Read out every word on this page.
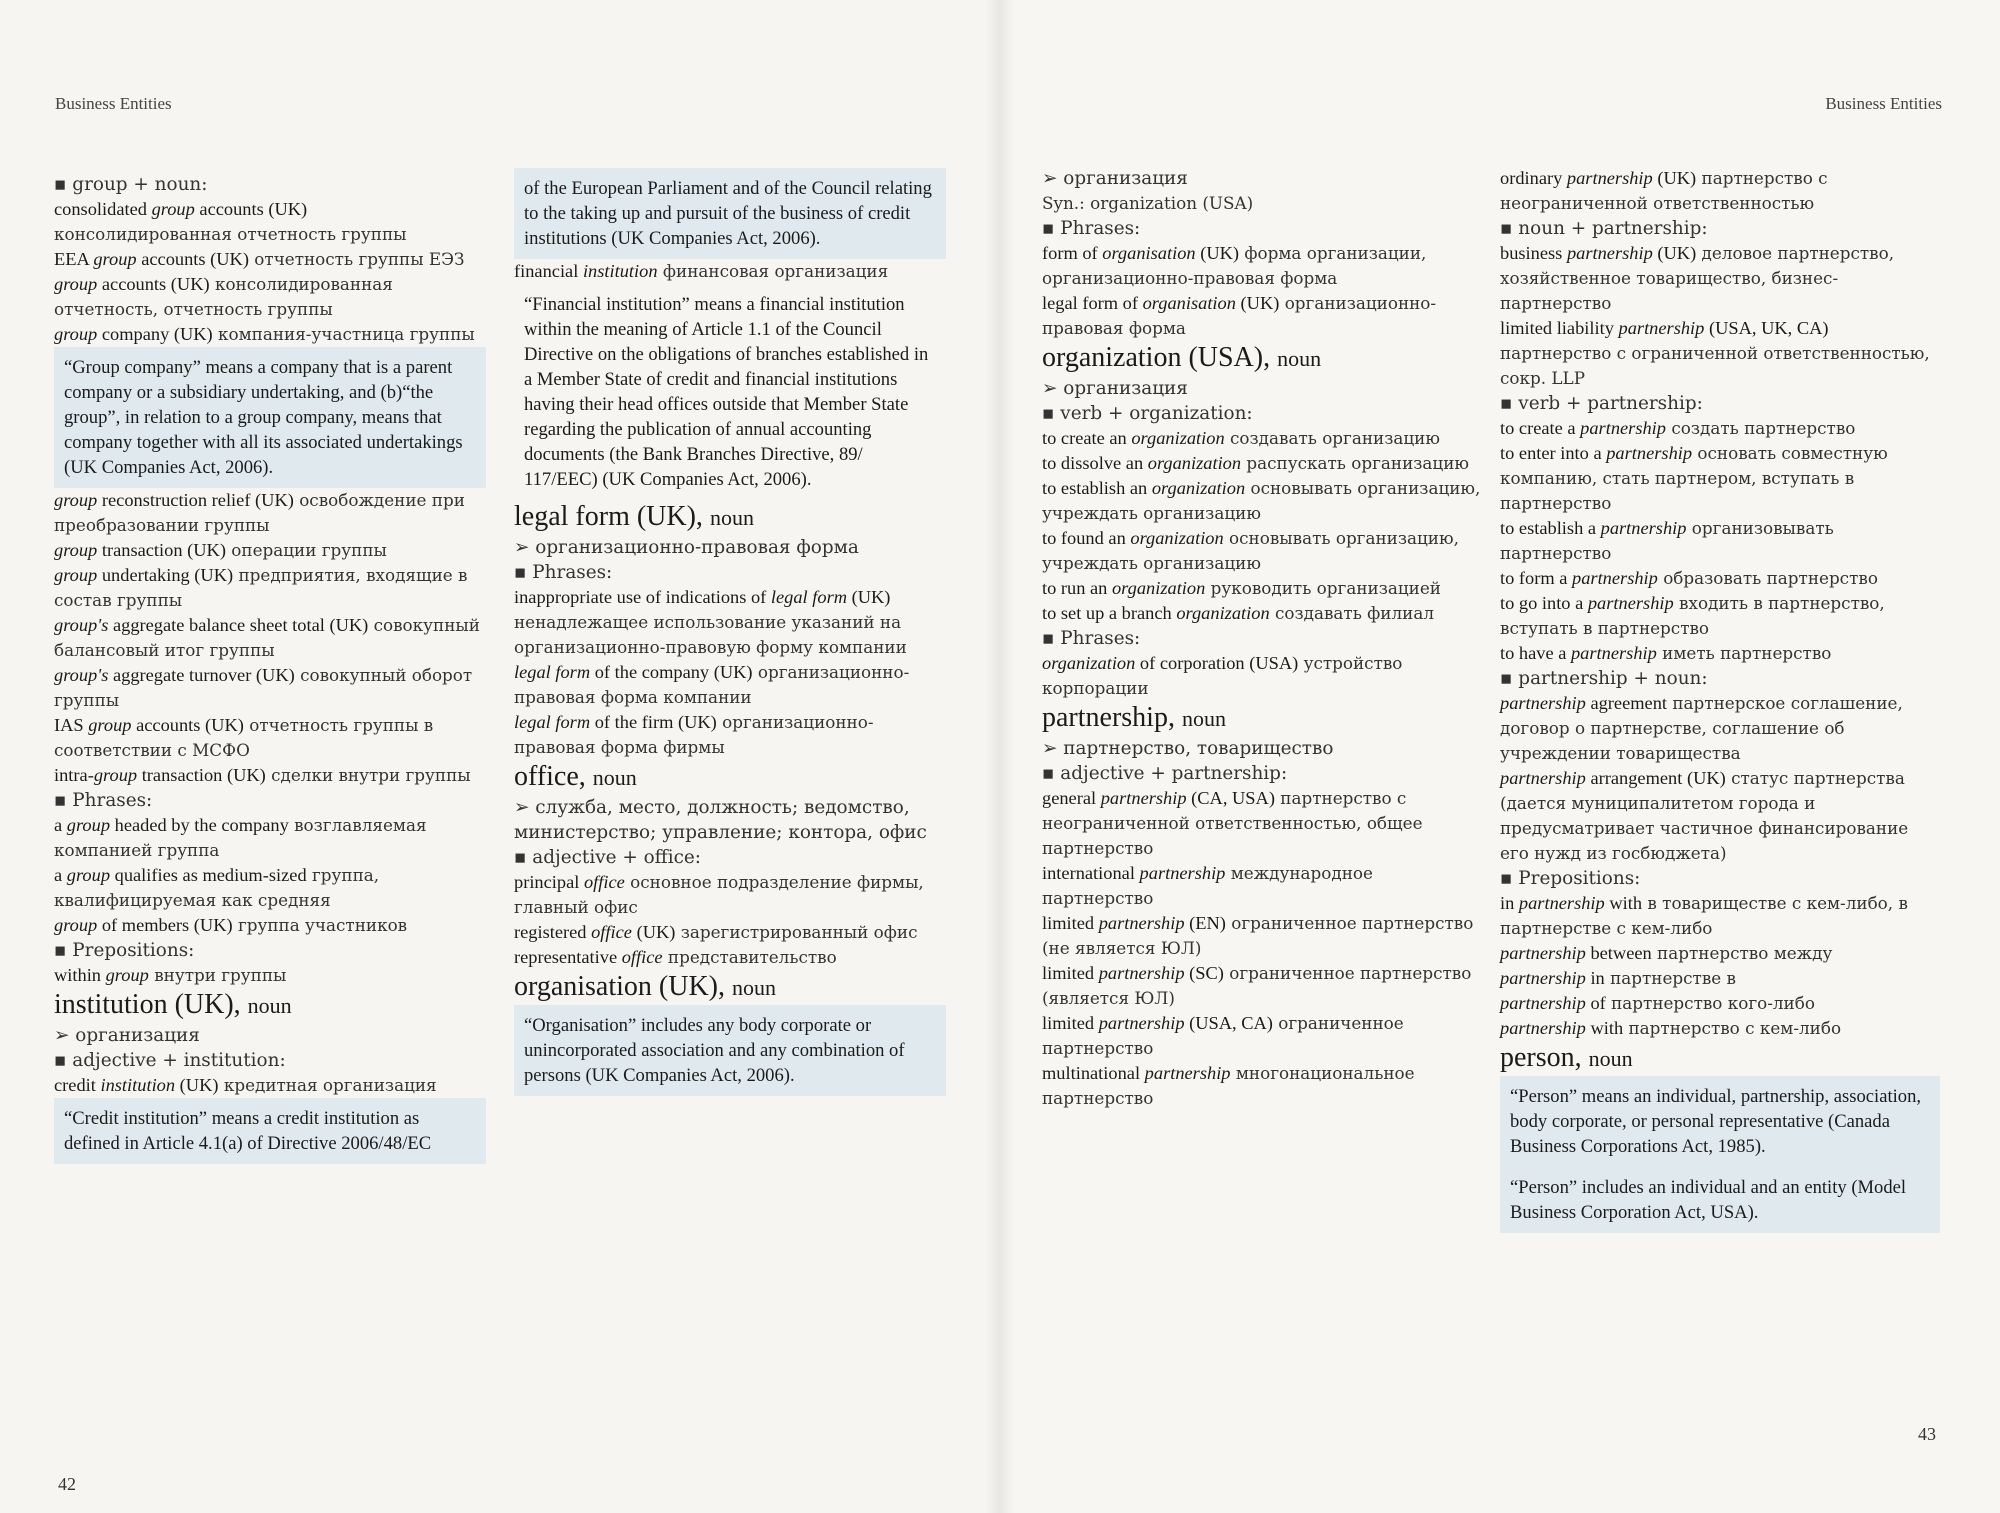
Business Entities
42
▪ group + noun:
consolidated group accounts (UK) консолидированная отчетность группы
EEA group accounts (UK) отчетность группы ЕЭЗ
group accounts (UK) консолидированная отчетность, отчетность группы
group company (UK) компания-участница группы
“Group company” means a company that is a parent company or a subsidiary undertaking, and (b)“the group”, in relation to a group company, means that company together with all its associated undertakings (UK Companies Act, 2006).
group reconstruction relief (UK) освобождение при преобразовании группы
group transaction (UK) операции группы
group undertaking (UK) предприятия, входящие в состав группы
group's aggregate balance sheet total (UK) совокупный балансовый итог группы
group's aggregate turnover (UK) совокупный оборот группы
IAS group accounts (UK) отчетность группы в соответствии с МСФО
intra-group transaction (UK) сделки внутри группы
▪ Phrases:
a group headed by the company возглавляемая компанией группа
a group qualifies as medium-sized группа, квалифицируемая как средняя
group of members (UK) группа участников
▪ Prepositions:
within group внутри группы
institution (UK), noun
➢ организация
▪ adjective + institution:
credit institution (UK) кредитная организация
“Credit institution” means a credit institution as defined in Article 4.1(a) of Directive 2006/48/EC
of the European Parliament and of the Council relating to the taking up and pursuit of the business of credit institutions (UK Companies Act, 2006).
financial institution финансовая организация
“Financial institution” means a financial institution within the meaning of Article 1.1 of the Council Directive on the obligations of branches established in a Member State of credit and financial institutions having their head offices outside that Member State regarding the publication of annual accounting documents (the Bank Branches Directive, 89/ 117/EEC) (UK Companies Act, 2006).
legal form (UK), noun
➢ организационно-правовая форма
▪ Phrases:
inappropriate use of indications of legal form (UK) ненадлежащее использование указаний на организационно-правовую форму компании
legal form of the company (UK) организационно-правовая форма компании
legal form of the firm (UK) организационно-правовая форма фирмы
office, noun
➢ служба, место, должность; ведомство, министерство; управление; контора, офис
▪ adjective + office:
principal office основное подразделение фирмы, главный офис
registered office (UK) зарегистрированный офис
representative office представительство
organisation (UK), noun
“Organisation” includes any body corporate or unincorporated association and any combination of persons (UK Companies Act, 2006).
Business Entities
43
➢ организация
Syn.: organization (USA)
▪ Phrases:
form of organisation (UK) форма организации, организационно-правовая форма
legal form of organisation (UK) организационно-правовая форма
organization (USA), noun
➢ организация
▪ verb + organization:
to create an organization создавать организацию
to dissolve an organization распускать организацию
to establish an organization основывать организацию, учреждать организацию
to found an organization основывать организацию, учреждать организацию
to run an organization руководить организацией
to set up a branch organization создавать филиал
▪ Phrases:
organization of corporation (USA) устройство корпорации
partnership, noun
➢ партнерство, товарищество
▪ adjective + partnership:
general partnership (CA, USA) партнерство с неограниченной ответственностью, общее партнерство
international partnership международное партнерство
limited partnership (EN) ограниченное партнерство (не является ЮЛ)
limited partnership (SC) ограниченное партнерство (является ЮЛ)
limited partnership (USA, CA) ограниченное партнерство
multinational partnership многонациональное партнерство
ordinary partnership (UK) партнерство с неограниченной ответственностью
▪ noun + partnership:
business partnership (UK) деловое партнерство, хозяйственное товарищество, бизнес-партнерство
limited liability partnership (USA, UK, CA) партнерство с ограниченной ответственностью, сокр. LLP
▪ verb + partnership:
to create a partnership создать партнерство
to enter into a partnership основать совместную компанию, стать партнером, вступать в партнерство
to establish a partnership организовывать партнерство
to form a partnership образовать партнерство
to go into a partnership входить в партнерство, вступать в партнерство
to have a partnership иметь партнерство
▪ partnership + noun:
partnership agreement партнерское соглашение, договор о партнерстве, соглашение об учреждении товарищества
partnership arrangement (UK) статус партнерства (дается муниципалитетом города и предусматривает частичное финансирование его нужд из госбюджета)
▪ Prepositions:
in partnership with в товариществе с кем-либо, в партнерстве с кем-либо
partnership between партнерство между
partnership in партнерстве в
partnership of партнерство кого-либо
partnership with партнерство с кем-либо
person, noun
“Person” means an individual, partnership, association, body corporate, or personal representative (Canada Business Corporations Act, 1985).
“Person” includes an individual and an entity (Model Business Corporation Act, USA).
